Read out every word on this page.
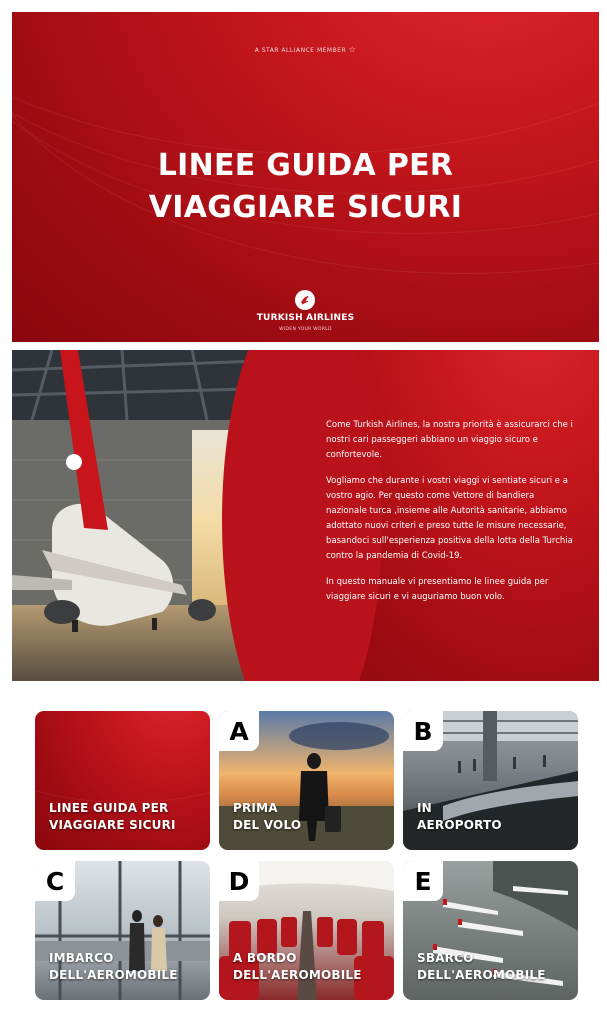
A STAR ALLIANCE MEMBER ☆
LINEE GUIDA PER
VIAGGIARE SICURI
TURKISH AIRLINES
WIDEN YOUR WORLD

Come Turkish Airlines, la nostra priorità è assicurarci che i nostri cari passeggeri abbiano un viaggio sicuro e confortevole.

Vogliamo che durante i vostri viaggi vi sentiate sicuri e a vostro agio. Per questo come Vettore di bandiera nazionale turca ,insieme alle Autorità sanitarie, abbiamo adottato nuovi criteri e preso tutte le misure necessarie, basandoci sull'esperienza positiva della lotta della Turchia contro la pandemia di Covid-19.

In questo manuale vi presentiamo le linee guida per viaggiare sicuri e vi auguriamo buon volo.

LINEE GUIDA PER
VIAGGIARE SICURI
A
PRIMA
DEL VOLO
B
IN
AEROPORTO
C
IMBARCO
DELL'AEROMOBILE
D
A BORDO
DELL'AEROMOBILE
E
SBARCO
DELL'AEROMOBILE
